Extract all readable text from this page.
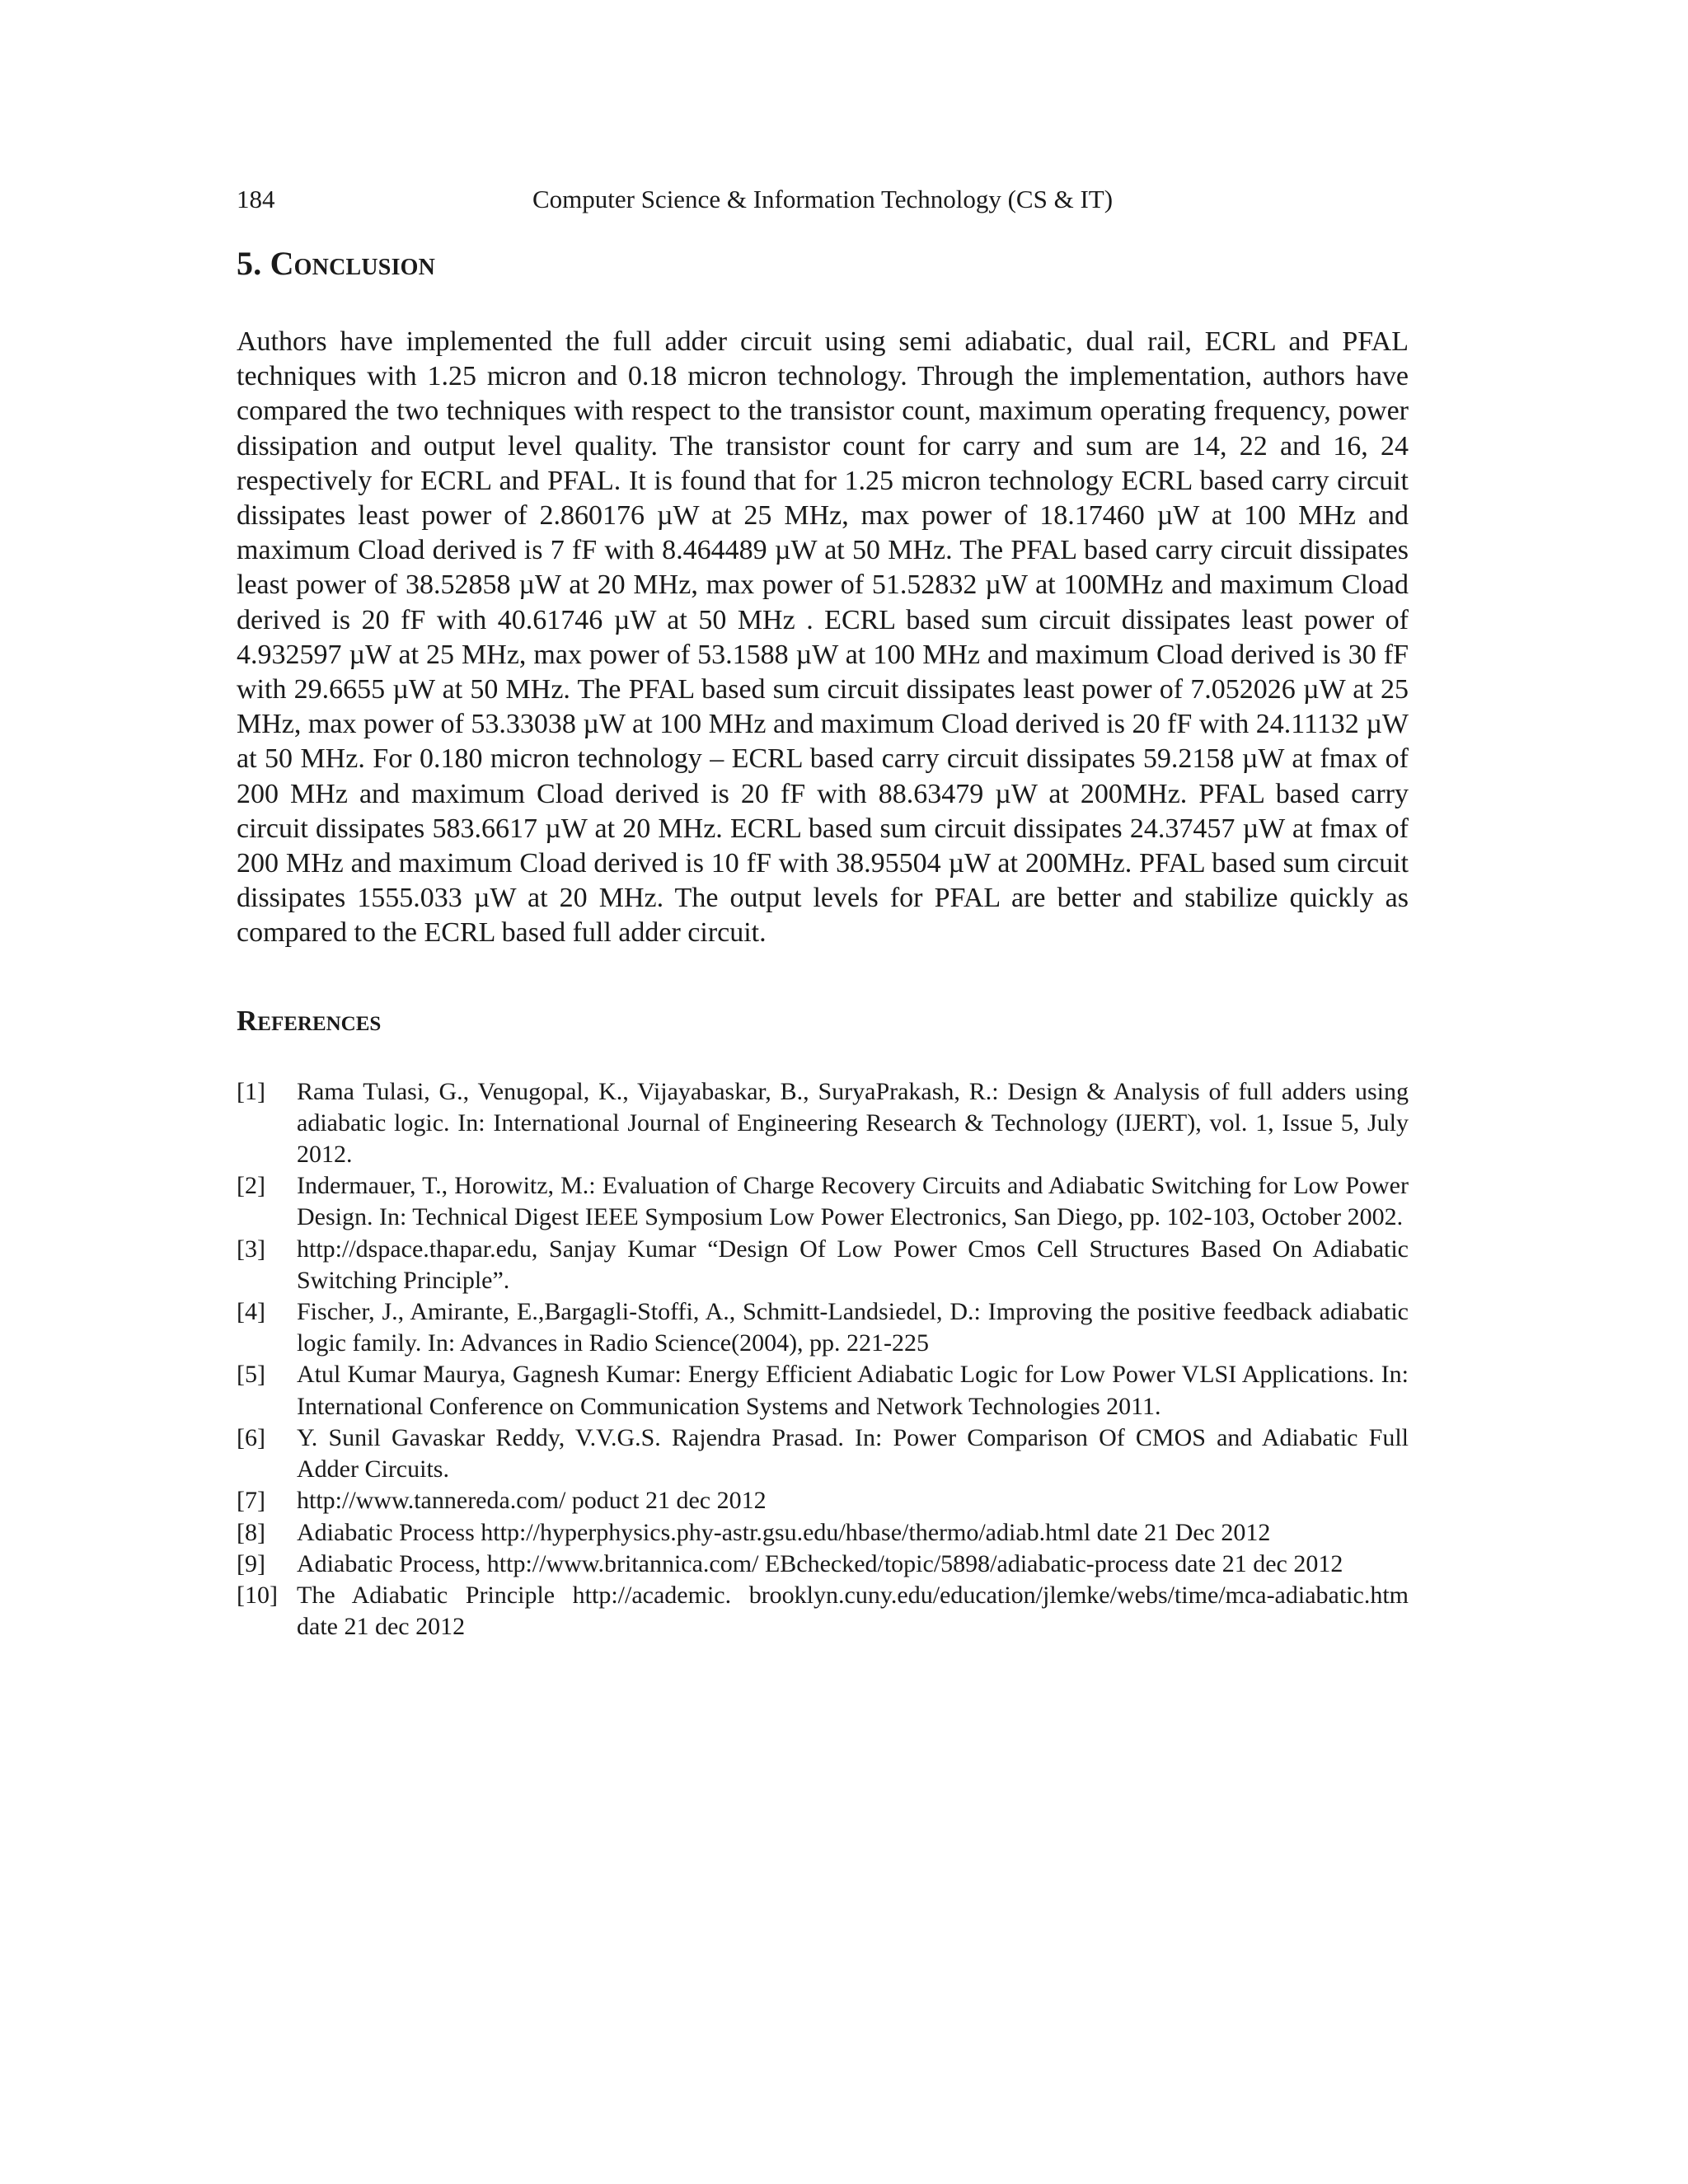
184	Computer Science & Information Technology (CS & IT)
5. Conclusion

Authors have implemented the full adder circuit using semi adiabatic, dual rail, ECRL and PFAL techniques with 1.25 micron and 0.18 micron technology. Through the implementation, authors have compared the two techniques with respect to the transistor count, maximum operating frequency, power dissipation and output level quality. The transistor count for carry and sum are 14, 22 and 16, 24 respectively for ECRL and PFAL. It is found that for 1.25 micron technology ECRL based carry circuit dissipates least power of 2.860176 µW at 25 MHz, max power of 18.17460 µW at 100 MHz and maximum Cload derived is 7 fF with 8.464489 µW at 50 MHz. The PFAL based carry circuit dissipates least power of 38.52858 µW at 20 MHz, max power of 51.52832 µW at 100MHz and maximum Cload derived is 20 fF with 40.61746 µW at 50 MHz . ECRL based sum circuit dissipates least power of 4.932597 µW at 25 MHz, max power of 53.1588 µW at 100 MHz and maximum Cload derived is 30 fF with 29.6655 µW at 50 MHz. The PFAL based sum circuit dissipates least power of 7.052026 µW at 25 MHz, max power of 53.33038 µW at 100 MHz and maximum Cload derived is 20 fF with 24.11132 µW at 50 MHz. For 0.180 micron technology – ECRL based carry circuit dissipates 59.2158 µW at fmax of 200 MHz and maximum Cload derived is 20 fF with 88.63479 µW at 200MHz. PFAL based carry circuit dissipates 583.6617 µW at 20 MHz. ECRL based sum circuit dissipates 24.37457 µW at fmax of 200 MHz and maximum Cload derived is 10 fF with 38.95504 µW at 200MHz. PFAL based sum circuit dissipates 1555.033 µW at 20 MHz. The output levels for PFAL are better and stabilize quickly as compared to the ECRL based full adder circuit.

References
[1] Rama Tulasi, G., Venugopal, K., Vijayabaskar, B., SuryaPrakash, R.: Design & Analysis of full adders using adiabatic logic. In: International Journal of Engineering Research & Technology (IJERT), vol. 1, Issue 5, July 2012.
[2] Indermauer, T., Horowitz, M.: Evaluation of Charge Recovery Circuits and Adiabatic Switching for Low Power Design. In: Technical Digest IEEE Symposium Low Power Electronics, San Diego, pp. 102-103, October 2002.
[3] http://dspace.thapar.edu, Sanjay Kumar “Design Of Low Power Cmos Cell Structures Based On Adiabatic Switching Principle”.
[4] Fischer, J., Amirante, E.,Bargagli-Stoffi, A., Schmitt-Landsiedel, D.: Improving the positive feedback adiabatic logic family. In: Advances in Radio Science(2004), pp. 221-225
[5] Atul Kumar Maurya, Gagnesh Kumar: Energy Efficient Adiabatic Logic for Low Power VLSI Applications. In: International Conference on Communication Systems and Network Technologies 2011.
[6] Y. Sunil Gavaskar Reddy, V.V.G.S. Rajendra Prasad. In: Power Comparison Of CMOS and Adiabatic Full Adder Circuits.
[7] http://www.tannereda.com/ poduct 21 dec 2012
[8] Adiabatic Process http://hyperphysics.phy-astr.gsu.edu/hbase/thermo/adiab.html date 21 Dec 2012
[9] Adiabatic Process, http://www.britannica.com/ EBchecked/topic/5898/adiabatic-process date 21 dec 2012
[10] The Adiabatic Principle http://academic. brooklyn.cuny.edu/education/jlemke/webs/time/mca-adiabatic.htm date 21 dec 2012
